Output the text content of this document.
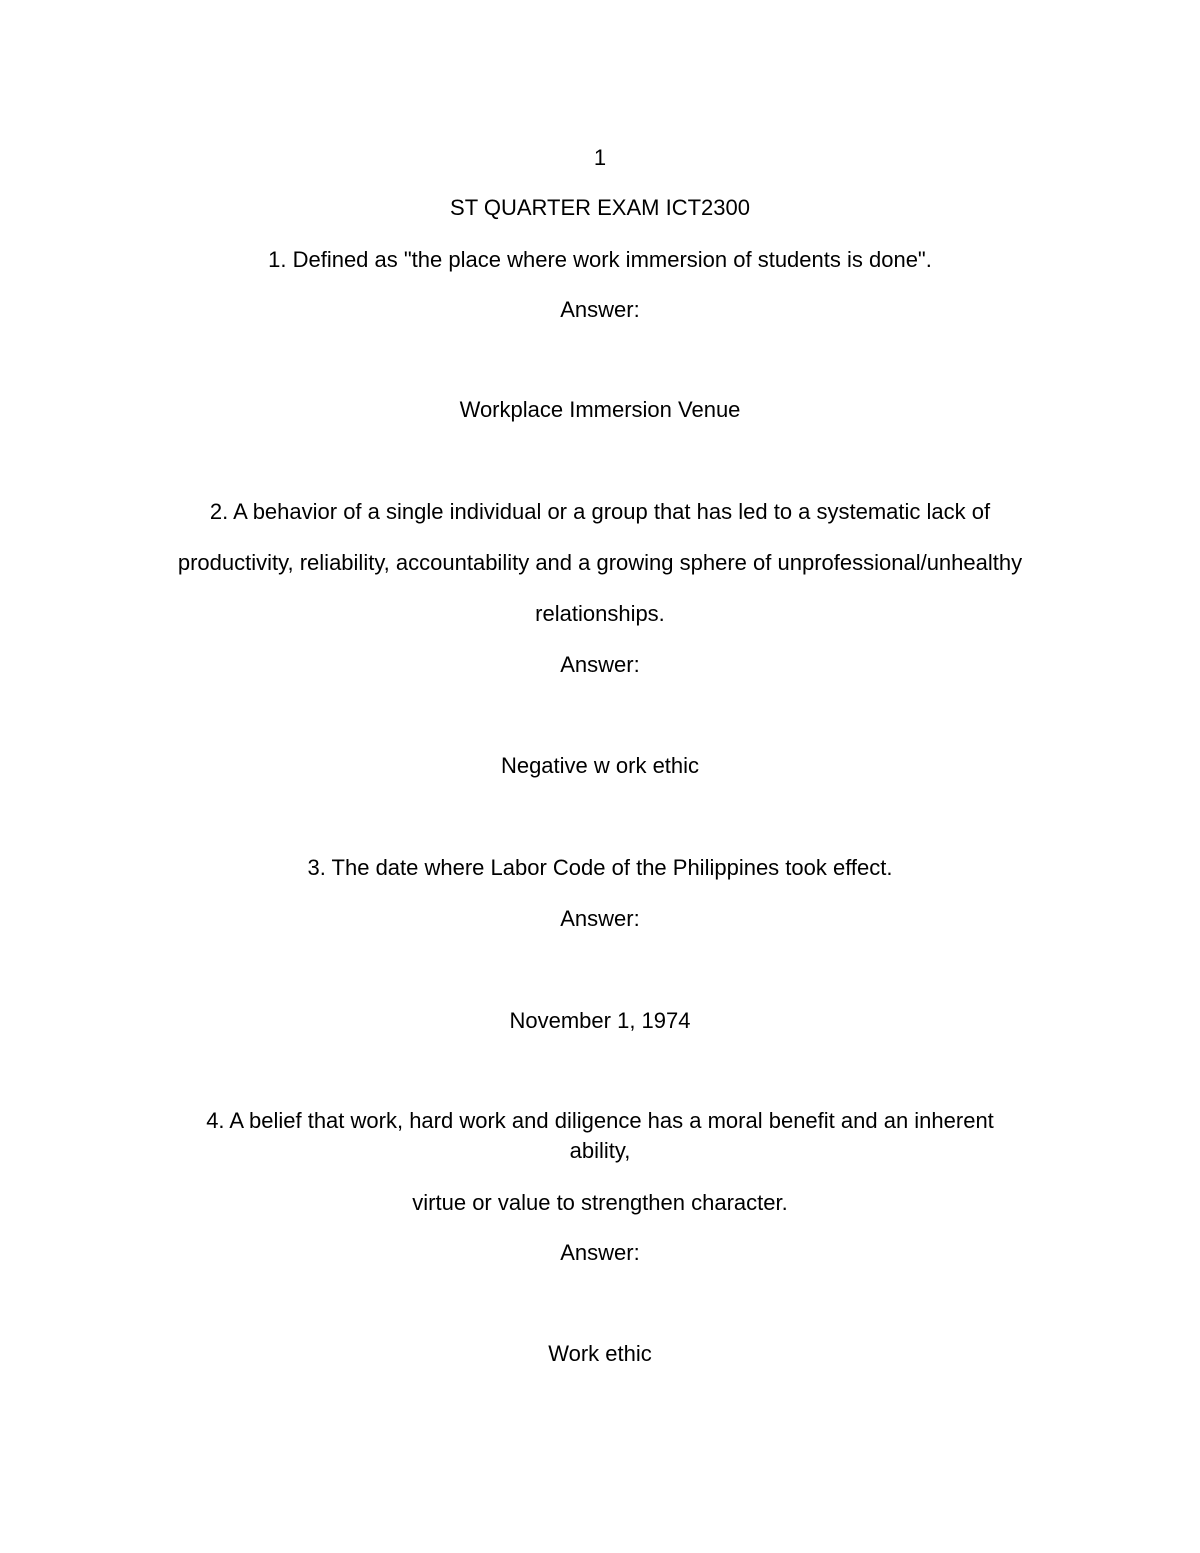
1
ST QUARTER EXAM ICT2300
1. Defined as "the place where work immersion of students is done".
Answer:
Workplace Immersion Venue
2. A behavior of a single individual or a group that has led to a systematic lack of
productivity, reliability, accountability and a growing sphere of unprofessional/unhealthy
relationships.
Answer:
Negative w ork ethic
3. The date where Labor Code of the Philippines took effect.
Answer:
November 1, 1974
4. A belief that work, hard work and diligence has a moral benefit and an inherent
ability,
virtue or value to strengthen character.
Answer:
Work ethic
